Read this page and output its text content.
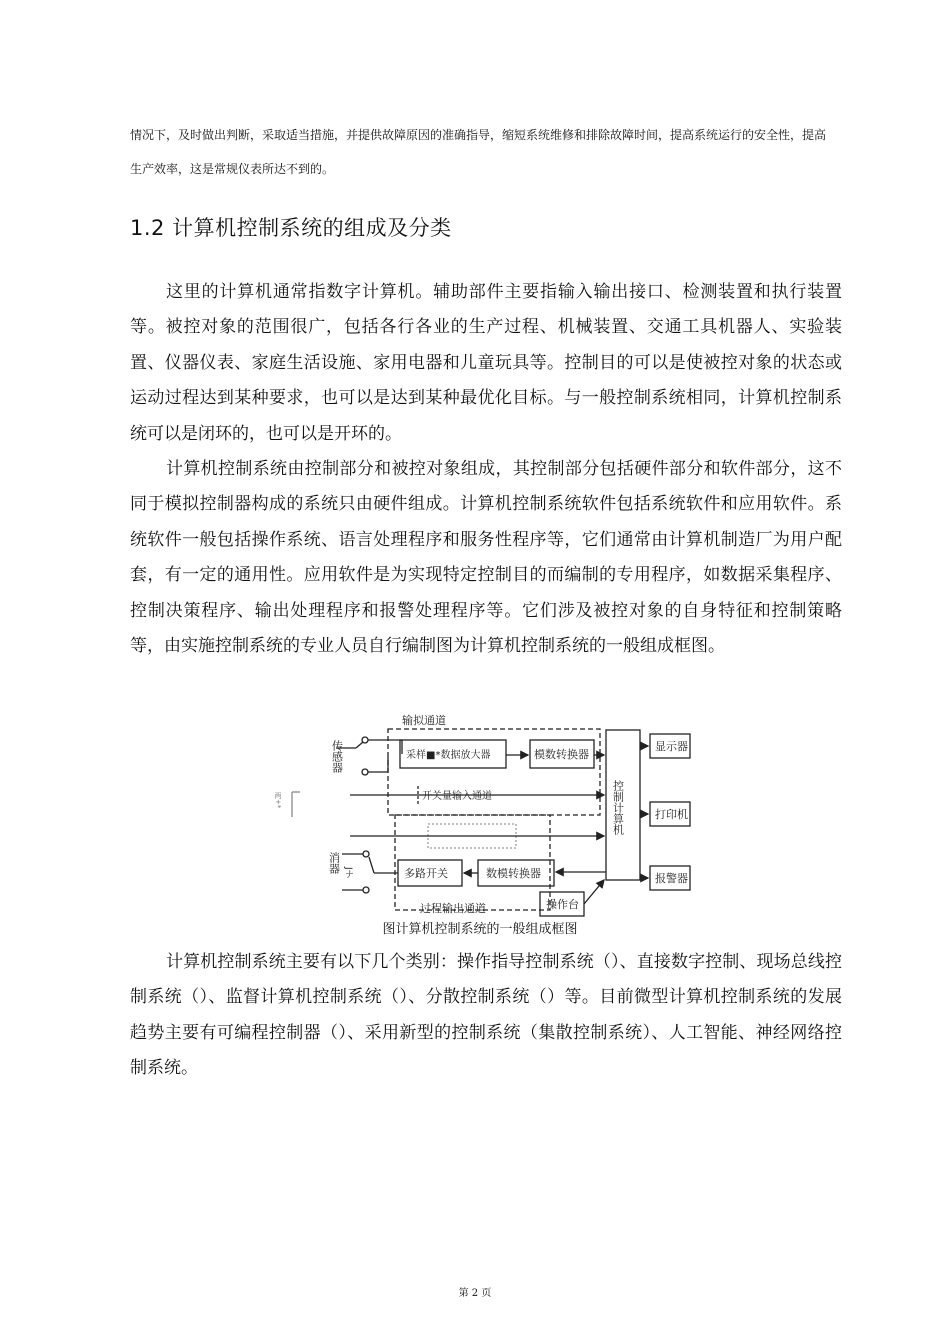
情况下，及时做出判断，采取适当措施，并提供故障原因的准确指导，缩短系统维修和排除故障时间，提高系统运行的安全性，提高生产效率，这是常规仪表所达不到的。

1.2 计算机控制系统的组成及分类

这里的计算机通常指数字计算机。辅助部件主要指输入输出接口、检测装置和执行装置等。被控对象的范围很广，包括各行各业的生产过程、机械装置、交通工具机器人、实验装置、仪器仪表、家庭生活设施、家用电器和儿童玩具等。控制目的可以是使被控对象的状态或运动过程达到某种要求，也可以是达到某种最优化目标。与一般控制系统相同，计算机控制系统可以是闭环的，也可以是开环的。

计算机控制系统由控制部分和被控对象组成，其控制部分包括硬件部分和软件部分，这不同于模拟控制器构成的系统只由硬件组成。计算机控制系统软件包括系统软件和应用软件。系统软件一般包括操作系统、语言处理程序和服务性程序等，它们通常由计算机制造厂为用户配套，有一定的通用性。应用软件是为实现特定控制目的而编制的专用程序，如数据采集程序、控制决策程序、输出处理程序和报警处理程序等。它们涉及被控对象的自身特征和控制策略等，由实施控制系统的专业人员自行编制图为计算机控制系统的一般组成框图。

输拟通道
采样■*数据放大器	模数转换器
开关量输入通道
显示器
打印机
报警器
数模转换器
多路开关
操作台
过程输出通道
控制计算机
传感器
消器 Jナ
两+*

图计算机控制系统的一般组成框图

计算机控制系统主要有以下几个类别：操作指导控制系统（）、直接数字控制、现场总线控制系统（）、监督计算机控制系统（）、分散控制系统（）等。目前微型计算机控制系统的发展趋势主要有可编程控制器（）、采用新型的控制系统（集散控制系统）、人工智能、神经网络控制系统。

第 2 页
